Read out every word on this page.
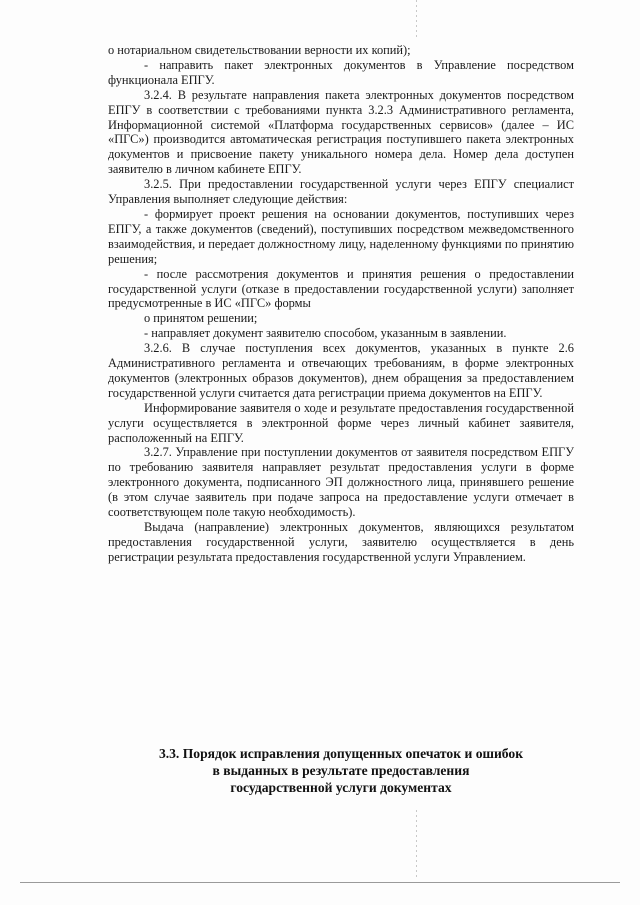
о нотариальном свидетельствовании верности их копий);

- направить пакет электронных документов в Управление посредством функционала ЕПГУ.

3.2.4. В результате направления пакета электронных документов посредством ЕПГУ в соответствии с требованиями пункта 3.2.3 Административного регламента, Информационной системой «Платформа государственных сервисов» (далее – ИС «ПГС») производится автоматическая регистрация поступившего пакета электронных документов и присвоение пакету уникального номера дела. Номер дела доступен заявителю в личном кабинете ЕПГУ.

3.2.5. При предоставлении государственной услуги через ЕПГУ специалист Управления выполняет следующие действия:

- формирует проект решения на основании документов, поступивших через ЕПГУ, а также документов (сведений), поступивших посредством межведомственного взаимодействия, и передает должностному лицу, наделенному функциями по принятию решения;

- после рассмотрения документов и принятия решения о предоставлении государственной услуги (отказе в предоставлении государственной услуги) заполняет предусмотренные в ИС «ПГС» формы

о принятом решении;

- направляет документ заявителю способом, указанным в заявлении.

3.2.6. В случае поступления всех документов, указанных в пункте 2.6 Административного регламента и отвечающих требованиям, в форме электронных документов (электронных образов документов), днем обращения за предоставлением государственной услуги считается дата регистрации приема документов на ЕПГУ.

Информирование заявителя о ходе и результате предоставления государственной услуги осуществляется в электронной форме через личный кабинет заявителя, расположенный на ЕПГУ.

3.2.7. Управление при поступлении документов от заявителя посредством ЕПГУ по требованию заявителя направляет результат предоставления услуги в форме электронного документа, подписанного ЭП должностного лица, принявшего решение (в этом случае заявитель при подаче запроса на предоставление услуги отмечает в соответствующем поле такую необходимость).

Выдача (направление) электронных документов, являющихся результатом предоставления государственной услуги, заявителю осуществляется в день регистрации результата предоставления государственной услуги Управлением.

3.3. Порядок исправления допущенных опечаток и ошибок
в выданных в результате предоставления
государственной услуги документах
